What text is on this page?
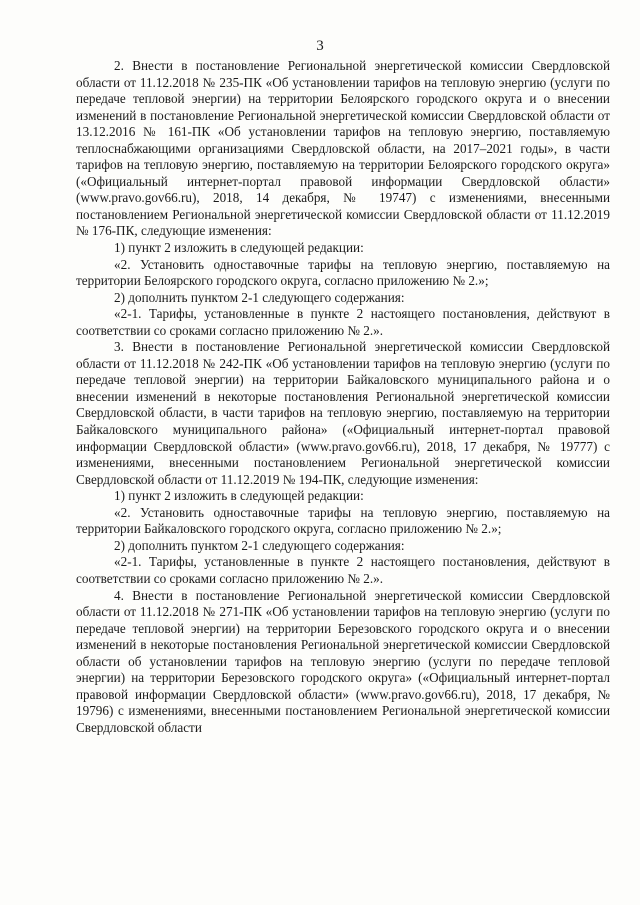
3

2. Внести в постановление Региональной энергетической комиссии Свердловской области от 11.12.2018 № 235-ПК «Об установлении тарифов на тепловую энергию (услуги по передаче тепловой энергии) на территории Белоярского городского округа и о внесении изменений в постановление Региональной энергетической комиссии Свердловской области от 13.12.2016 № 161-ПК «Об установлении тарифов на тепловую энергию, поставляемую теплоснабжающими организациями Свердловской области, на 2017–2021 годы», в части тарифов на тепловую энергию, поставляемую на территории Белоярского городского округа» («Официальный интернет-портал правовой информации Свердловской области» (www.pravo.gov66.ru), 2018, 14 декабря, № 19747) с изменениями, внесенными постановлением Региональной энергетической комиссии Свердловской области от 11.12.2019 № 176-ПК, следующие изменения:

1) пункт 2 изложить в следующей редакции:

«2. Установить одноставочные тарифы на тепловую энергию, поставляемую на территории Белоярского городского округа, согласно приложению № 2.»;

2) дополнить пунктом 2-1 следующего содержания:

«2-1. Тарифы, установленные в пункте 2 настоящего постановления, действуют в соответствии со сроками согласно приложению № 2.».

3. Внести в постановление Региональной энергетической комиссии Свердловской области от 11.12.2018 № 242-ПК «Об установлении тарифов на тепловую энергию (услуги по передаче тепловой энергии) на территории Байкаловского муниципального района и о внесении изменений в некоторые постановления Региональной энергетической комиссии Свердловской области, в части тарифов на тепловую энергию, поставляемую на территории Байкаловского муниципального района» («Официальный интернет-портал правовой информации Свердловской области» (www.pravo.gov66.ru), 2018, 17 декабря, № 19777) с изменениями, внесенными постановлением Региональной энергетической комиссии Свердловской области от 11.12.2019 № 194-ПК, следующие изменения:

1) пункт 2 изложить в следующей редакции:

«2. Установить одноставочные тарифы на тепловую энергию, поставляемую на территории Байкаловского городского округа, согласно приложению № 2.»;

2) дополнить пунктом 2-1 следующего содержания:

«2-1. Тарифы, установленные в пункте 2 настоящего постановления, действуют в соответствии со сроками согласно приложению № 2.».

4. Внести в постановление Региональной энергетической комиссии Свердловской области от 11.12.2018 № 271-ПК «Об установлении тарифов на тепловую энергию (услуги по передаче тепловой энергии) на территории Березовского городского округа и о внесении изменений в некоторые постановления Региональной энергетической комиссии Свердловской области об установлении тарифов на тепловую энергию (услуги по передаче тепловой энергии) на территории Березовского городского округа» («Официальный интернет-портал правовой информации Свердловской области» (www.pravo.gov66.ru), 2018, 17 декабря, № 19796) с изменениями, внесенными постановлением Региональной энергетической комиссии Свердловской области
